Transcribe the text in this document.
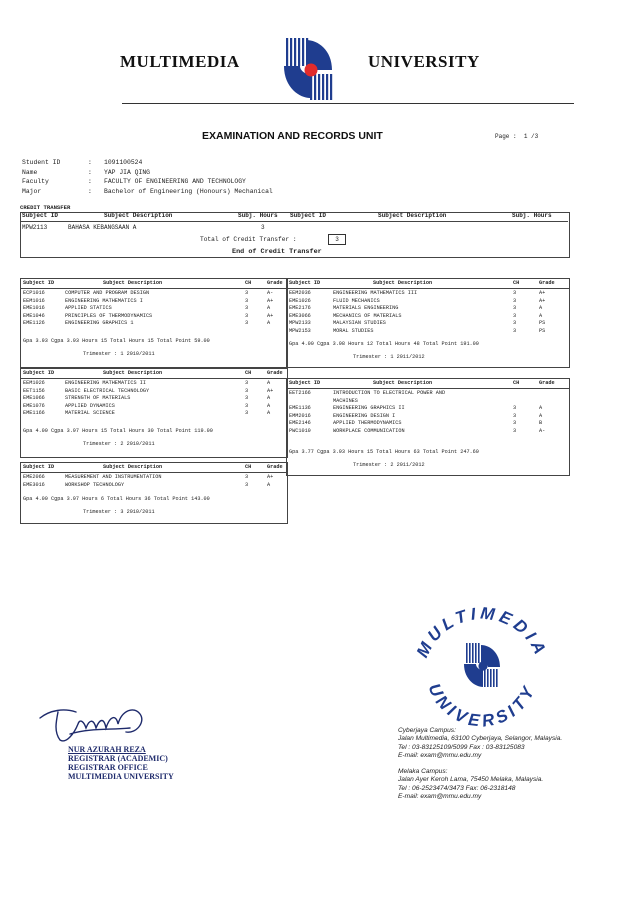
MULTIMEDIA	UNIVERSITY
EXAMINATION AND RECORDS UNIT	Page : 1 /3
Student ID	: 1091100524
Name	: YAP JIA QING
Faculty	: FACULTY OF ENGINEERING AND TECHNOLOGY
Major	: Bachelor of Engineering (Honours) Mechanical
CREDIT TRANSFER
Subject ID	Subject Description	Subj. Hours Subject ID	Subject Description	Subj. Hours
MPW2113	BAHASA KEBANGSAAN A	3
Total of Credit Transfer :	3
End of Credit Transfer
Subject ID	Subject Description	CH	Grade
ECP1016	COMPUTER AND PROGRAM DESIGN	3	A-
EEM1016	ENGINEERING MATHEMATICS I	3	A+
EME1016	APPLIED STATICS	3	A
EME1046	PRINCIPLES OF THERMODYNAMICS	3	A+
EME1126	ENGINEERING GRAPHICS 1	3	A
Gpa 3.93 Cgpa 3.93 Hours 15 Total Hours 15 Total Point 59.00
Trimester : 1 2010/2011
Subject ID	Subject Description	CH	Grade
EEM2036	ENGINEERING MATHEMATICS III	3	A+
EME1026	FLUID MECHANICS	3	A+
EME2176	MATERIALS ENGINEERING	3	A
EME3066	MECHANICS OF MATERIALS	3	A
MPW2133	MALAYSIAN STUDIES	3	PS
MPW2153	MORAL STUDIES	3	PS
Gpa 4.00 Cgpa 3.98 Hours 12 Total Hours 48 Total Point 191.00
Trimester : 1 2011/2012
Subject ID	Subject Description	CH	Grade
EEM1026	ENGINEERING MATHEMATICS II	3	A
EET1156	BASIC ELECTRICAL TECHNOLOGY	3	A+
EME1066	STRENGTH OF MATERIALS	3	A
EME1076	APPLIED DYNAMICS	3	A
EME1166	MATERIAL SCIENCE	3	A
Gpa 4.00 Cgpa 3.97 Hours 15 Total Hours 30 Total Point 119.00
Trimester : 2 2010/2011
Subject ID	Subject Description	CH	Grade
EET2166	INTRODUCTION TO ELECTRICAL POWER AND
MACHINES
EME1136	ENGINEERING GRAPHICS II	3	A
EMM2016	ENGINEERING DESIGN I	3	A
EME2146	APPLIED THERMODYNAMICS	3	B
PWC1010	WORKPLACE COMMUNICATION	3	A-
Gpa 3.77 Cgpa 3.93 Hours 15 Total Hours 63 Total Point 247.60
Trimester : 2 2011/2012
Subject ID	Subject Description	CH	Grade
EME2066	MEASUREMENT AND INSTRUMENTATION	3	A+
EME3016	WORKSHOP TECHNOLOGY	3	A
Gpa 4.00 Cgpa 3.97 Hours 6 Total Hours 36 Total Point 143.00
Trimester : 3 2010/2011
MULTIMEDIA
UNIVERSITY
NUR AZURAH REZA
REGISTRAR (ACADEMIC)
REGISTRAR OFFICE
MULTIMEDIA UNIVERSITY
Cyberjaya Campus:
Jalan Multimedia, 63100 Cyberjaya, Selangor, Malaysia.
Tel : 03-83125109/5099 Fax : 03-83125083
E-mail: exam@mmu.edu.my
Melaka Campus:
Jalan Ayer Keroh Lama, 75450 Melaka, Malaysia.
Tel : 06-2523474/3473 Fax: 06-2318148
E-mail: exam@mmu.edu.my
